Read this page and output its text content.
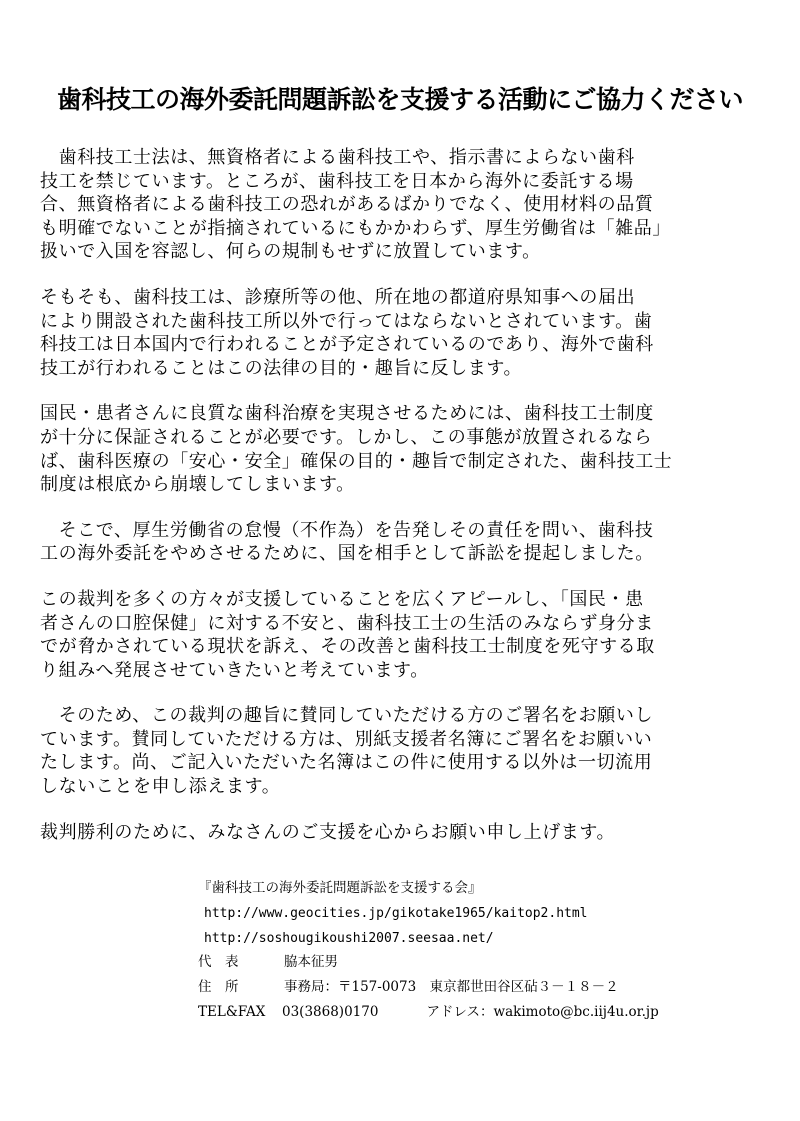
歯科技工の海外委託問題訴訟を支援する活動にご協力ください
　歯科技工士法は、無資格者による歯科技工や、指示書によらない歯科
技工を禁じています。ところが、歯科技工を日本から海外に委託する場
合、無資格者による歯科技工の恐れがあるばかりでなく、使用材料の品質
も明確でないことが指摘されているにもかかわらず、厚生労働省は「雑品」
扱いで入国を容認し、何らの規制もせずに放置しています。
そもそも、歯科技工は、診療所等の他、所在地の都道府県知事への届出
により開設された歯科技工所以外で行ってはならないとされています。歯
科技工は日本国内で行われることが予定されているのであり、海外で歯科
技工が行われることはこの法律の目的・趣旨に反します。
国民・患者さんに良質な歯科治療を実現させるためには、歯科技工士制度
が十分に保証されることが必要です。しかし、この事態が放置されるなら
ば、歯科医療の「安心・安全」確保の目的・趣旨で制定された、歯科技工士
制度は根底から崩壊してしまいます。
　そこで、厚生労働省の怠慢（不作為）を告発しその責任を問い、歯科技
工の海外委託をやめさせるために、国を相手として訴訟を提起しました。
この裁判を多くの方々が支援していることを広くアピールし、「国民・患
者さんの口腔保健」に対する不安と、歯科技工士の生活のみならず身分ま
でが脅かされている現状を訴え、その改善と歯科技工士制度を死守する取
り組みへ発展させていきたいと考えています。
　そのため、この裁判の趣旨に賛同していただける方のご署名をお願いし
ています。賛同していただける方は、別紙支援者名簿にご署名をお願いい
たします。尚、ご記入いただいた名簿はこの件に使用する以外は一切流用
しないことを申し添えます。
裁判勝利のために、みなさんのご支援を心からお願い申し上げます。
『歯科技工の海外委託問題訴訟を支援する会』
http://www.geocities.jp/gikotake1965/kaitop2.html
http://soshougikoushi2007.seesaa.net/
代　表	脇本征男
住　所	事務局：〒157-0073　東京都世田谷区砧３－１８－２
TEL&FAX 03(3868)0170	アドレス：wakimoto@bc.iij4u.or.jp
